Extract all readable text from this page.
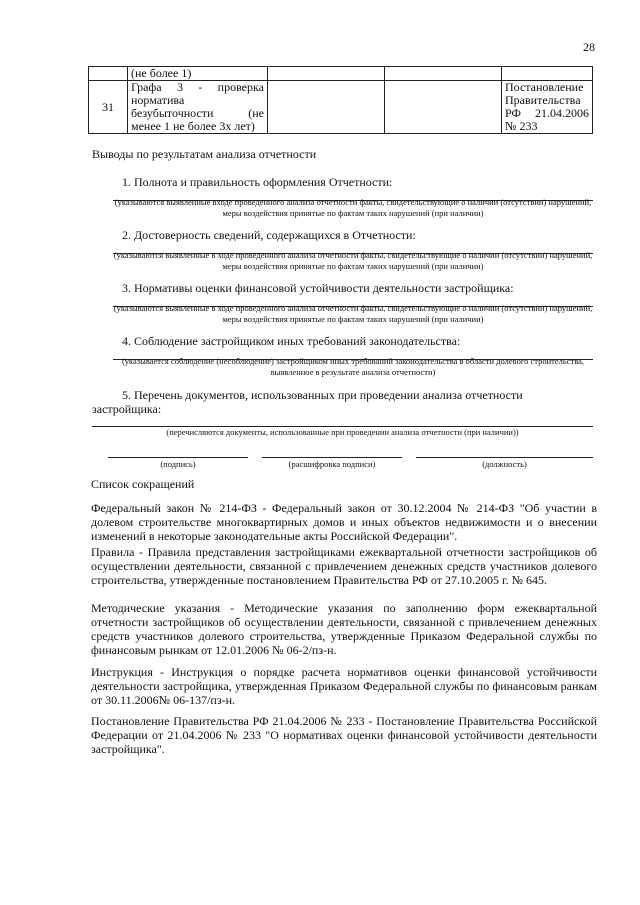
28
	(не более 1)			
31	Графа 3 - проверка норматива безубыточности (не менее 1 не более 3х лет)			Постановление Правительства РФ 21.04.2006 № 233
Выводы по результатам анализа отчетности
1. Полнота и правильность оформления Отчетности:
(указываются выявленные входе проведенного анализа отчетности факты, свидетельствующие о наличии (отсутствии) нарушений, меры воздействия принятые по фактам таких нарушений (при наличии)
2. Достоверность сведений, содержащихся в Отчетности:
(указываются выявленные в ходе проведенного анализа отчетности факты, свидетельствующие о наличии (отсутствии) нарушений, меры воздействия принятые по фактам таких нарушений (при наличии)
3. Нормативы оценки финансовой устойчивости деятельности застройщика:
(указываются выявленные в ходе проведенного анализа отчетности факты, свидетельствующие о наличии (отсутствии) нарушений, меры воздействия принятые по фактам таких нарушений (при наличии)
4. Соблюдение застройщиком иных требований законодательства:
(указывается соблюдение (несоблюдение) застройщиком иных требований законодательства в области долевого строительства, выявленное в результате анализа отчетности)
5. Перечень документов, использованных при проведении анализа отчетности застройщика:
(перечисляются документы, использованные при проведении анализа отчетности (при наличии))
(подпись)	(расшифровка подписи)	(должность)
Список сокращений
Федеральный закон № 214-ФЗ - Федеральный закон от 30.12.2004 № 214-ФЗ "Об участии в долевом строительстве многоквартирных домов и иных объектов недвижимости и о внесении изменений в некоторые законодательные акты Российской Федерации".
Правила - Правила представления застройщиками ежеквартальной отчетности застройщиков об осуществлении деятельности, связанной с привлечением денежных средств участников долевого строительства, утвержденные постановлением Правительства РФ от 27.10.2005 г. № 645.
Методические указания - Методические указания по заполнению форм ежеквартальной отчетности застройщиков об осуществлении деятельности, связанной с привлечением денежных средств участников долевого строительства, утвержденные Приказом Федеральной службы по финансовым рынкам от 12.01.2006 № 06-2/пз-н.
Инструкция - Инструкция о порядке расчета нормативов оценки финансовой устойчивости деятельности застройщика, утвержденная Приказом Федеральной службы по финансовым ранкам от 30.11.2006№ 06-137/пз-н.
Постановление Правительства РФ 21.04.2006 № 233 - Постановление Правительства Российской Федерации от 21.04.2006 № 233 "О нормативах оценки финансовой устойчивости деятельности застройщика".
